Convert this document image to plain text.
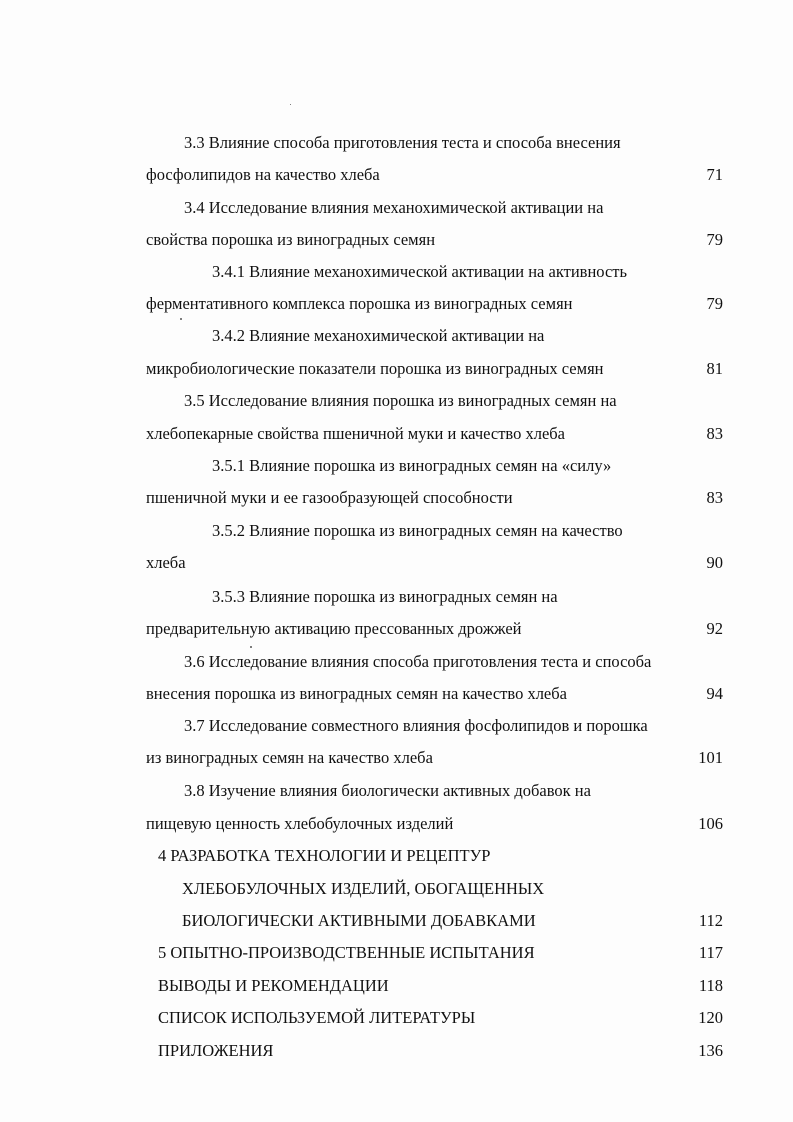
3.3 Влияние способа приготовления теста и способа внесения
фосфолипидов на качество хлеба	71
3.4 Исследование влияния механохимической активации на
свойства порошка из виноградных семян	79
3.4.1 Влияние механохимической активации на активность
ферментативного комплекса порошка из виноградных семян	79
3.4.2 Влияние механохимической активации на
микробиологические показатели порошка из виноградных семян	81
3.5 Исследование влияния порошка из виноградных семян на
хлебопекарные свойства пшеничной муки и качество хлеба	83
3.5.1 Влияние порошка из виноградных семян на «силу»
пшеничной муки и ее газообразующей способности	83
3.5.2 Влияние порошка из виноградных семян на качество
хлеба	90
3.5.3 Влияние порошка из виноградных семян на
предварительную активацию прессованных дрожжей	92
3.6 Исследование влияния способа приготовления теста и способа
внесения порошка из виноградных семян на качество хлеба	94
3.7 Исследование совместного влияния фосфолипидов и порошка
из виноградных семян на качество хлеба	101
3.8 Изучение влияния биологически активных добавок на
пищевую ценность хлебобулочных изделий	106
4 РАЗРАБОТКА ТЕХНОЛОГИИ И РЕЦЕПТУР
ХЛЕБОБУЛОЧНЫХ ИЗДЕЛИЙ, ОБОГАЩЕННЫХ
БИОЛОГИЧЕСКИ АКТИВНЫМИ ДОБАВКАМИ	112
5 ОПЫТНО-ПРОИЗВОДСТВЕННЫЕ ИСПЫТАНИЯ	117
ВЫВОДЫ И РЕКОМЕНДАЦИИ	118
СПИСОК ИСПОЛЬЗУЕМОЙ ЛИТЕРАТУРЫ	120
ПРИЛОЖЕНИЯ	136
